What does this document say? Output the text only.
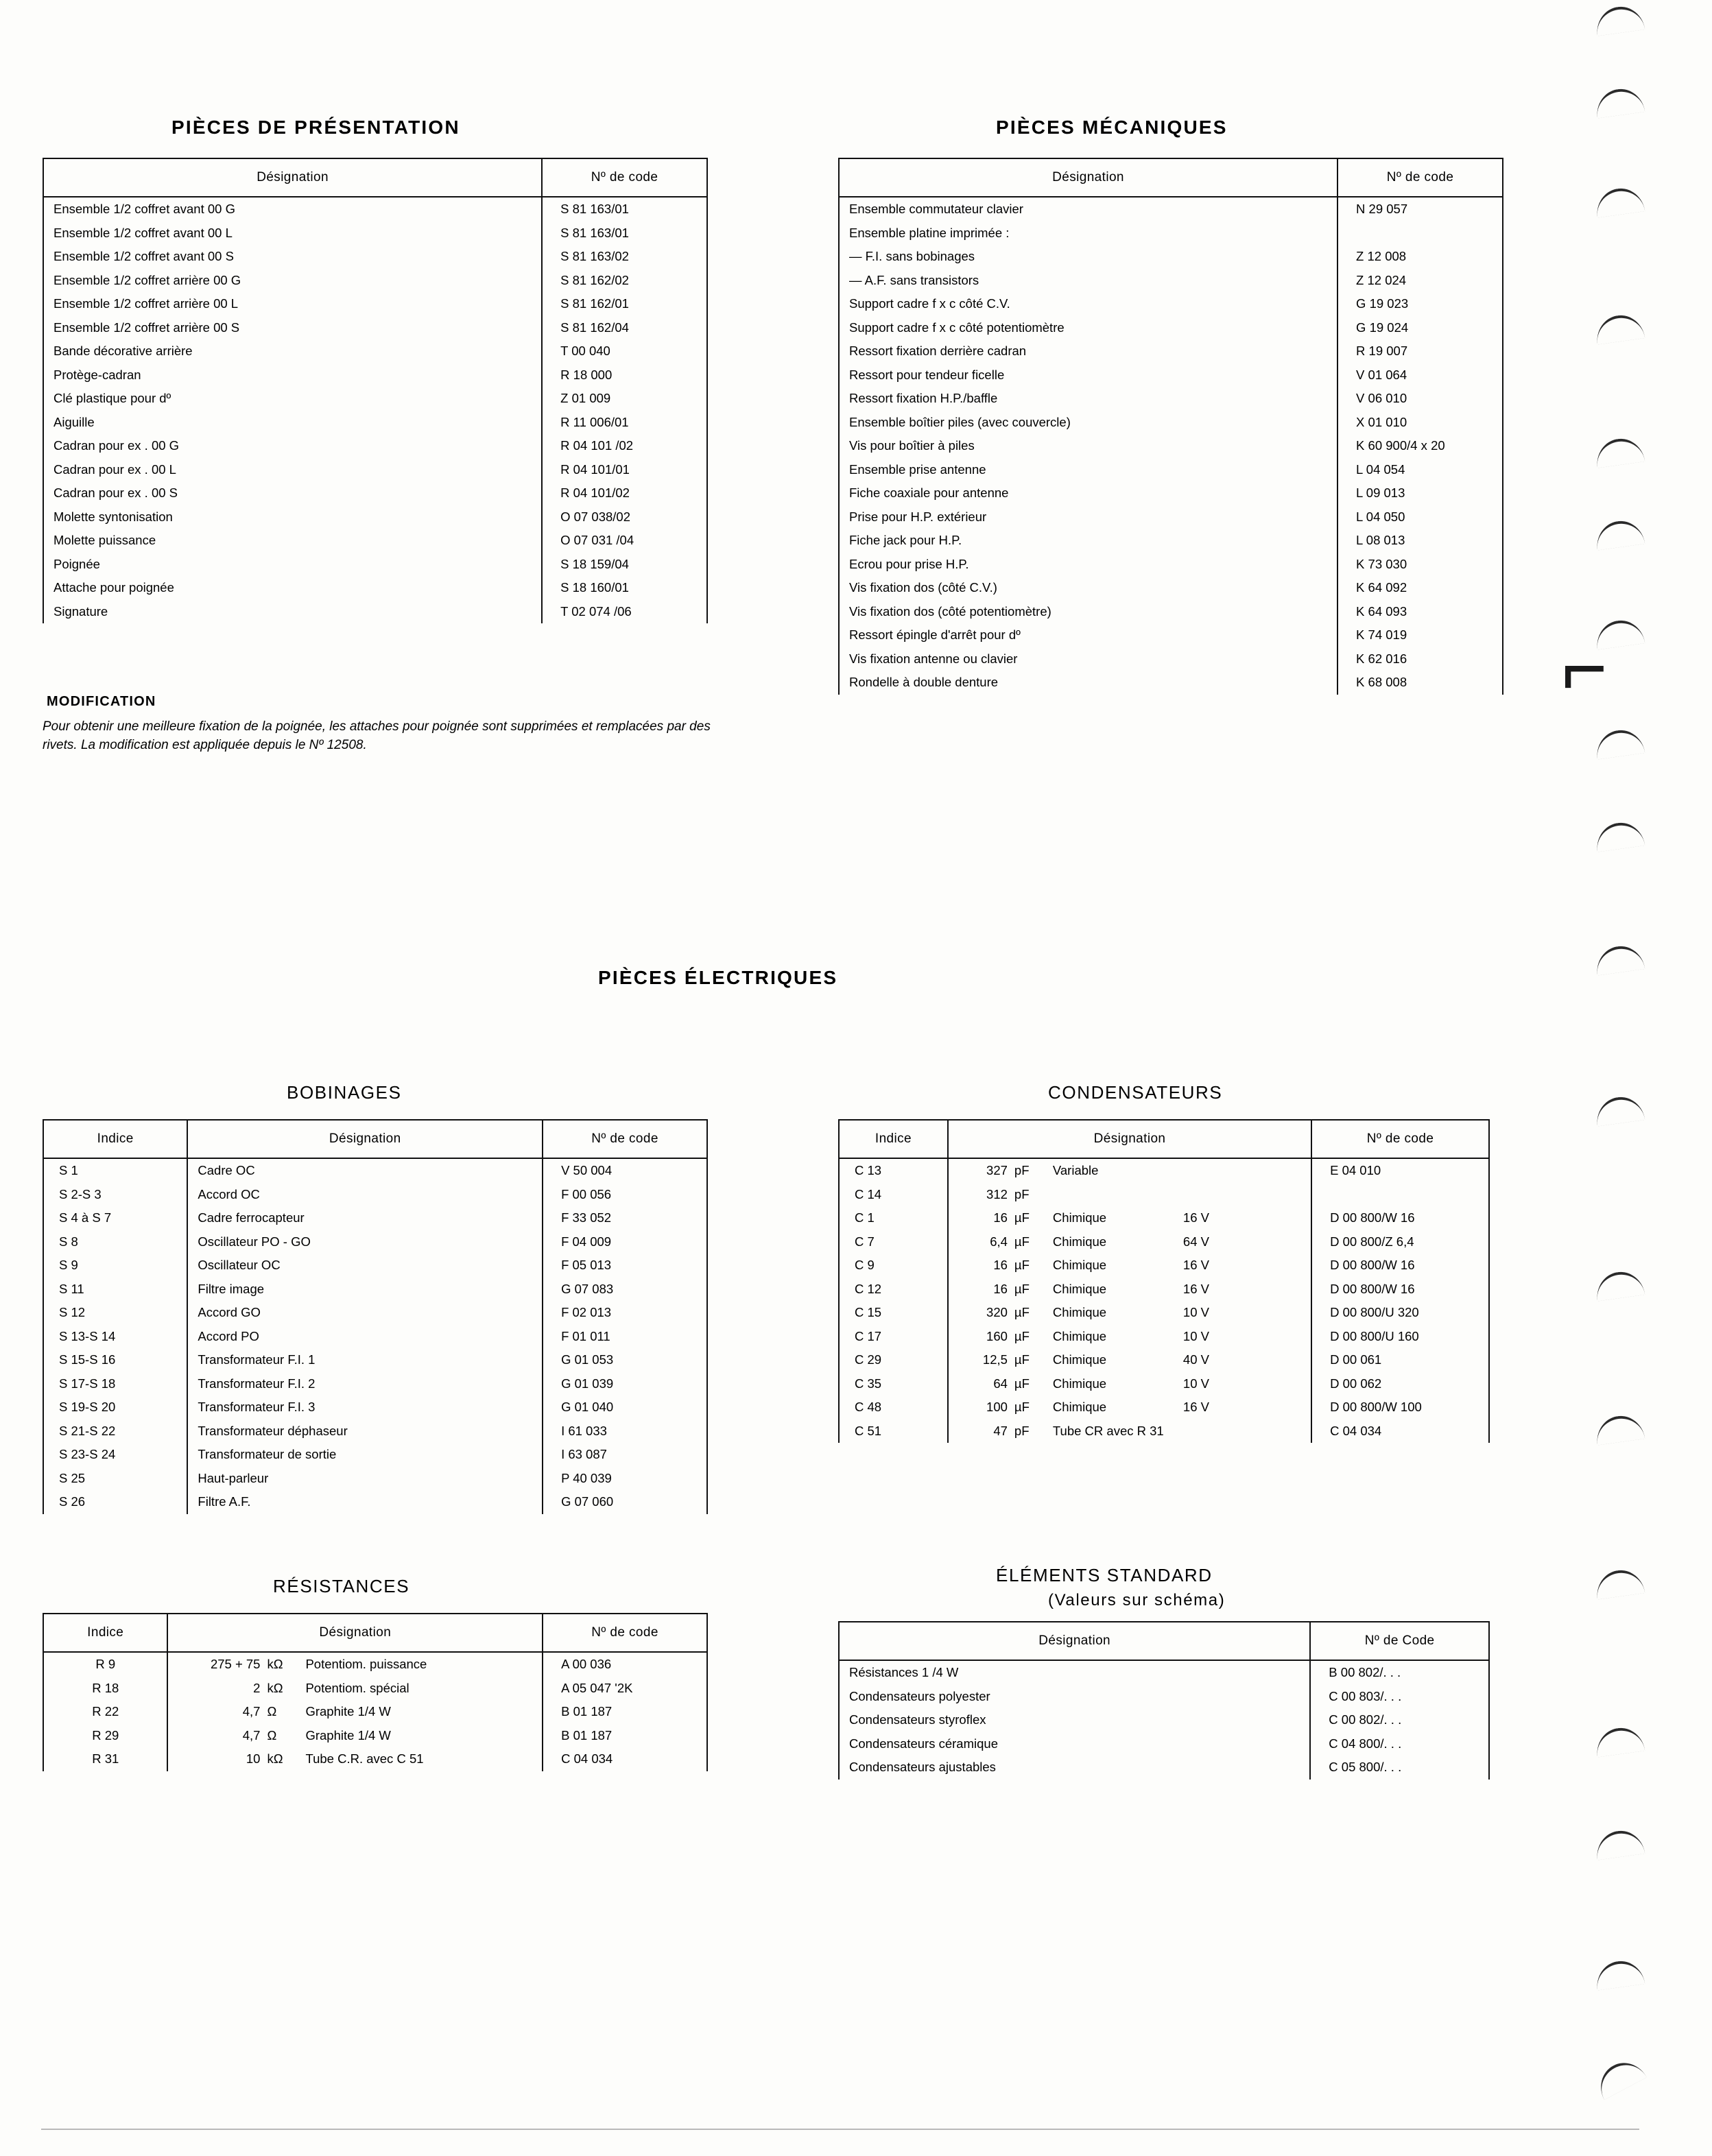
PIÈCES DE PRÉSENTATION
Désignation	Nº de code
Ensemble 1/2 coffret avant 00 G	S 81 163/01
Ensemble 1/2 coffret avant 00 L	S 81 163/01
Ensemble 1/2 coffret avant 00 S	S 81 163/02
Ensemble 1/2 coffret arrière 00 G	S 81 162/02
Ensemble 1/2 coffret arrière 00 L	S 81 162/01
Ensemble 1/2 coffret arrière 00 S	S 81 162/04
Bande décorative arrière	T 00 040
Protège-cadran	R 18 000
Clé plastique pour dº	Z 01 009
Aiguille	R 11 006/01
Cadran pour ex . 00 G	R 04 101 /02
Cadran pour ex . 00 L	R 04 101/01
Cadran pour ex . 00 S	R 04 101/02
Molette syntonisation	O 07 038/02
Molette puissance	O 07 031 /04
Poignée	S 18 159/04
Attache pour poignée	S 18 160/01
Signature	T 02 074 /06
MODIFICATION
Pour obtenir une meilleure fixation de la poignée, les attaches pour poignée sont supprimées et remplacées par des rivets. La modification est appliquée depuis le Nº 12508.
PIÈCES MÉCANIQUES
Désignation	Nº de code
Ensemble commutateur clavier	N 29 057
Ensemble platine imprimée :	
— F.I. sans bobinages	Z 12 008
— A.F. sans transistors	Z 12 024
Support cadre f x c côté C.V.	G 19 023
Support cadre f x c côté potentiomètre	G 19 024
Ressort fixation derrière cadran	R 19 007
Ressort pour tendeur ficelle	V 01 064
Ressort fixation H.P./baffle	V 06 010
Ensemble boîtier piles (avec couvercle)	X 01 010
Vis pour boîtier à piles	K 60 900/4 x 20
Ensemble prise antenne	L 04 054
Fiche coaxiale pour antenne	L 09 013
Prise pour H.P. extérieur	L 04 050
Fiche jack pour H.P.	L 08 013
Ecrou pour prise H.P.	K 73 030
Vis fixation dos (côté C.V.)	K 64 092
Vis fixation dos (côté potentiomètre)	K 64 093
Ressort épingle d'arrêt pour dº	K 74 019
Vis fixation antenne ou clavier	K 62 016
Rondelle à double denture	K 68 008
PIÈCES ÉLECTRIQUES
BOBINAGES
Indice	Désignation	Nº de code
S 1	Cadre OC	V 50 004
S 2-S 3	Accord OC	F 00 056
S 4 à S 7	Cadre ferrocapteur	F 33 052
S 8	Oscillateur PO - GO	F 04 009
S 9	Oscillateur OC	F 05 013
S 11	Filtre image	G 07 083
S 12	Accord GO	F 02 013
S 13-S 14	Accord PO	F 01 011
S 15-S 16	Transformateur F.I. 1	G 01 053
S 17-S 18	Transformateur F.I. 2	G 01 039
S 19-S 20	Transformateur F.I. 3	G 01 040
S 21-S 22	Transformateur déphaseur	I 61 033
S 23-S 24	Transformateur de sortie	I 63 087
S 25	Haut-parleur	P 40 039
S 26	Filtre A.F.	G 07 060
CONDENSATEURS
Indice	Désignation	Nº de code
C 13	327 pF Variable	E 04 010
C 14	312 pF	
C 1	16 µF Chimique 16 V	D 00 800/W 16
C 7	6,4 µF Chimique 64 V	D 00 800/Z 6,4
C 9	16 µF Chimique 16 V	D 00 800/W 16
C 12	16 µF Chimique 16 V	D 00 800/W 16
C 15	320 µF Chimique 10 V	D 00 800/U 320
C 17	160 µF Chimique 10 V	D 00 800/U 160
C 29	12,5 µF Chimique 40 V	D 00 061
C 35	64 µF Chimique 10 V	D 00 062
C 48	100 µF Chimique 16 V	D 00 800/W 100
C 51	47 pF Tube CR avec R 31	C 04 034
RÉSISTANCES
Indice	Désignation	Nº de code
R 9	275 + 75 kΩ Potentiom. puissance	A 00 036
R 18	2 kΩ Potentiom. spécial	A 05 047 '2K
R 22	4,7 Ω Graphite 1/4 W	B 01 187
R 29	4,7 Ω Graphite 1/4 W	B 01 187
R 31	10 kΩ Tube C.R. avec C 51	C 04 034
ÉLÉMENTS STANDARD
(Valeurs sur schéma)
Désignation	Nº de Code
Résistances 1 /4 W	B 00 802/. . .
Condensateurs polyester	C 00 803/. . .
Condensateurs styroflex	C 00 802/. . .
Condensateurs céramique	C 04 800/. . .
Condensateurs ajustables	C 05 800/. . .
⌐
